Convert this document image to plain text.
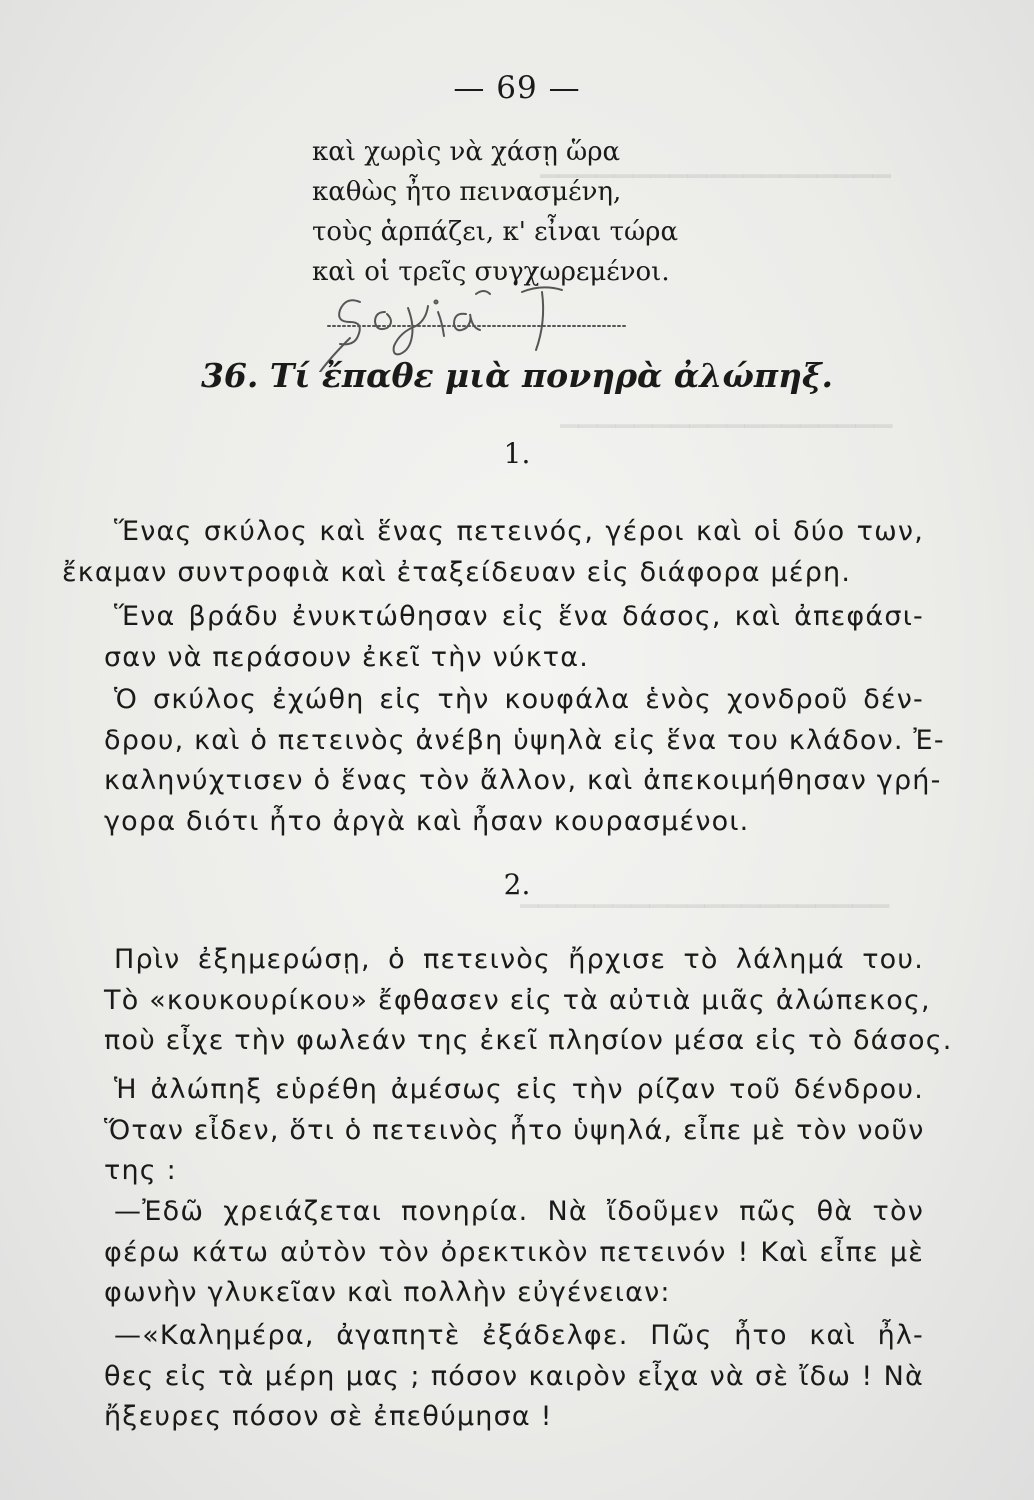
▁▁▁▁▁▁▁▁▁▁▁▁▁▁▁▁▁▁▁
▁▁▁▁▁▁▁▁▁▁▁▁▁▁▁▁▁▁
▁▁▁▁▁▁▁▁▁▁▁▁▁▁▁▁▁▁▁▁
— 69 —
καὶ χωρὶς νὰ χάσῃ ὥρα
καθὼς ἦτο πεινασμένη,
τοὺς ἁρπάζει, κ' εἶναι τώρα
καὶ οἱ τρεῖς συγχωρεμένοι.
36. Τί ἔπαθε μιὰ πονηρὰ ἀλώπηξ.
1.
Ἕνας σκύλος καὶ ἕνας πετεινός, γέροι καὶ οἱ δύο των,
ἔκαμαν συντροφιὰ καὶ ἐταξείδευαν εἰς διάφορα μέρη.
Ἕνα βράδυ ἐνυκτώθησαν εἰς ἕνα δάσος, καὶ ἀπεφάσι-
σαν νὰ περάσουν ἐκεῖ τὴν νύκτα.
Ὁ σκύλος ἐχώθη εἰς τὴν κουφάλα ἑνὸς χονδροῦ δέν-
δρου, καὶ ὁ πετεινὸς ἀνέβη ὑψηλὰ εἰς ἕνα του κλάδον. Ἐ-
καληνύχτισεν ὁ ἕνας τὸν ἄλλον, καὶ ἀπεκοιμήθησαν γρή-
γορα διότι ἦτο ἀργὰ καὶ ἦσαν κουρασμένοι.
2.
Πρὶν ἐξημερώσῃ, ὁ πετεινὸς ἤρχισε τὸ λάλημά του.
Τὸ «κουκουρίκου» ἔφθασεν εἰς τὰ αὐτιὰ μιᾶς ἀλώπεκος,
ποὺ εἶχε τὴν φωλεάν της ἐκεῖ πλησίον μέσα εἰς τὸ δάσος.
Ἡ ἀλώπηξ εὑρέθη ἀμέσως εἰς τὴν ρίζαν τοῦ δένδρου.
Ὅταν εἶδεν, ὅτι ὁ πετεινὸς ἦτο ὑψηλά, εἶπε μὲ τὸν νοῦν
της :
—Ἐδῶ χρειάζεται πονηρία. Νὰ ἴδοῦμεν πῶς θὰ τὸν
φέρω κάτω αὐτὸν τὸν ὀρεκτικὸν πετεινόν ! Καὶ εἶπε μὲ
φωνὴν γλυκεῖαν καὶ πολλὴν εὐγένειαν:
—«Καλημέρα, ἀγαπητὲ ἐξάδελφε. Πῶς ἦτο καὶ ἦλ-
θες εἰς τὰ μέρη μας ; πόσον καιρὸν εἶχα νὰ σὲ ἴδω ! Νὰ
ἤξευρες πόσον σὲ ἐπεθύμησα !
